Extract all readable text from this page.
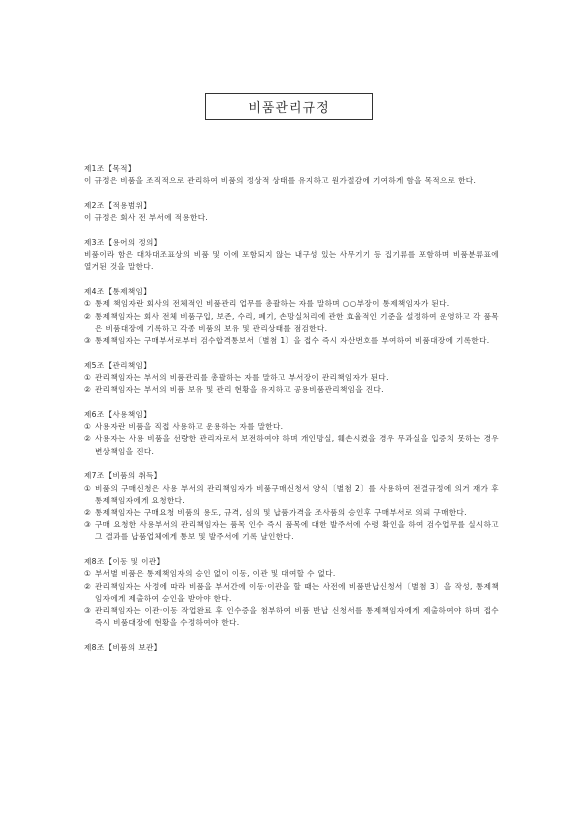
비품관리규정
제1조【목적】
이 규정은 비품을 조직적으로 관리하여 비품의 정상적 상태를 유지하고 원가절감에 기여하게 함을 목적으로 한다.
제2조【적용범위】
이 규정은 회사 전 부서에 적용한다.
제3조【용어의 정의】
비품이라 함은 대차대조표상의 비품 및 이에 포함되지 않는 내구성 있는 사무기기 등 집기류를 포함하며 비품분류표에 열거된 것을 말한다.
제4조【통제책임】
① 통제 책임자란 회사의 전체적인 비품관리 업무를 총괄하는 자를 말하며 ○○부장이 통제책임자가 된다.
② 통제책임자는 회사 전체 비품구입, 보존, 수리, 폐기, 손망실처리에 관한 효율적인 기준을 설정하여 운영하고 각 품목은 비품대장에 기록하고 각종 비품의 보유 및 관리상태를 점검한다.
③ 통제책임자는 구매부서로부터 검수합격통보서〔별첨 1〕을 접수 즉시 자산번호를 부여하여 비품대장에 기록한다.
제5조【관리책임】
① 관리책임자는 부서의 비품관리를 총괄하는 자를 말하고 부서장이 관리책임자가 된다.
② 관리책임자는 부서의 비품 보유 및 관리 현황을 유지하고 공용비품관리책임을 진다.
제6조【사용책임】
① 사용자란 비품을 직접 사용하고 운용하는 자를 말한다.
② 사용자는 사용 비품을 선량한 관리자로서 보전하여야 하며 개인망실, 훼손시켰을 경우 무과실을 입증치 못하는 경우 변상책임을 진다.
제7조【비품의 취득】
① 비품의 구매신청은 사용 부서의 관리책임자가 비품구매신청서 양식〔별첨 2〕를 사용하여 전결규정에 의거 재가 후 통제책임자에게 요청한다.
② 통제책임자는 구매요청 비품의 용도, 규격, 심의 및 납품가격을 조사품의 승인후 구매부서로 의뢰 구매한다.
③ 구매 요청한 사용부서의 관리책임자는 품목 인수 즉시 품목에 대한 발주서에 수령 확인을 하여 검수업무를 실시하고 그 결과를 납품업체에게 통보 및 발주서에 기록 날인한다.
제8조【이동 및 이관】
① 부서별 비품은 통제책임자의 승인 없이 이동, 이관 및 대여할 수 없다.
② 관리책임자는 사정에 따라 비품을 부서간에 이동·이관을 할 때는 사전에 비품반납신청서〔별첨 3〕을 작성, 통제책임자에게 제출하여 승인을 받아야 한다.
③ 관리책임자는 이관·이동 작업완료 후 인수증을 첨부하여 비품 반납 신청서를 통제책임자에게 제출하여야 하며 접수 즉시 비품대장에 현황을 수정하여야 한다.
제8조【비품의 보관】
